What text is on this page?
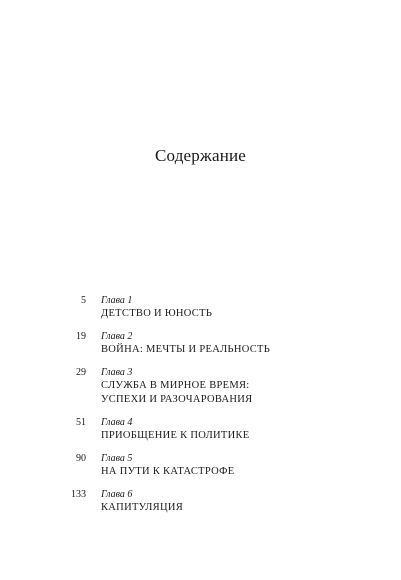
Содержание
5 Глава 1
ДЕТСТВО И ЮНОСТЬ
19 Глава 2
ВОЙНА: МЕЧТЫ И РЕАЛЬНОСТЬ
29 Глава 3
СЛУЖБА В МИРНОЕ ВРЕМЯ:
УСПЕХИ И РАЗОЧАРОВАНИЯ
51 Глава 4
ПРИОБЩЕНИЕ К ПОЛИТИКЕ
90 Глава 5
НА ПУТИ К КАТАСТРОФЕ
133 Глава 6
КАПИТУЛЯЦИЯ
